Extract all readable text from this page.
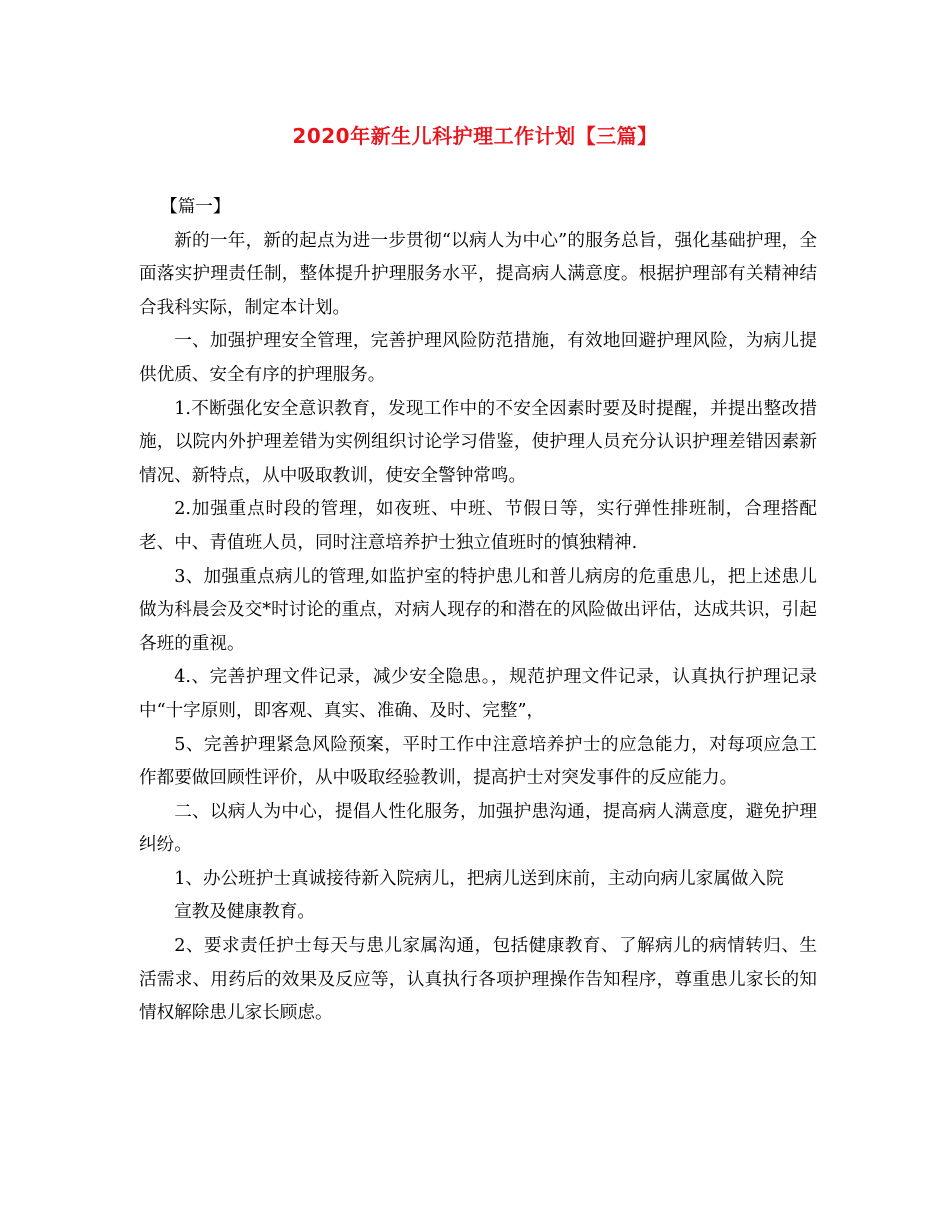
2020年新生儿科护理工作计划【三篇】

【篇一】

新的一年，新的起点为进一步贯彻“以病人为中心”的服务总旨，强化基础护理，全面落实护理责任制，整体提升护理服务水平，提高病人满意度。根据护理部有关精神结合我科实际，制定本计划。

一、加强护理安全管理，完善护理风险防范措施，有效地回避护理风险，为病儿提供优质、安全有序的护理服务。

1.不断强化安全意识教育，发现工作中的不安全因素时要及时提醒，并提出整改措施，以院内外护理差错为实例组织讨论学习借鉴，使护理人员充分认识护理差错因素新情况、新特点，从中吸取教训，使安全警钟常鸣。

2.加强重点时段的管理，如夜班、中班、节假日等，实行弹性排班制，合理搭配老、中、青值班人员，同时注意培养护士独立值班时的慎独精神.

3、加强重点病儿的管理,如监护室的特护患儿和普儿病房的危重患儿，把上述患儿做为科晨会及交*时讨论的重点，对病人现存的和潜在的风险做出评估，达成共识，引起各班的重视。

4.、完善护理文件记录，减少安全隐患。，规范护理文件记录，认真执行护理记录中“十字原则，即客观、真实、准确、及时、完整”，

5、完善护理紧急风险预案，平时工作中注意培养护士的应急能力，对每项应急工作都要做回顾性评价，从中吸取经验教训，提高护士对突发事件的反应能力。

二、以病人为中心，提倡人性化服务，加强护患沟通，提高病人满意度，避免护理纠纷。

1、办公班护士真诚接待新入院病儿，把病儿送到床前，主动向病儿家属做入院

宣教及健康教育。

2、要求责任护士每天与患儿家属沟通，包括健康教育、了解病儿的病情转归、生活需求、用药后的效果及反应等，认真执行各项护理操作告知程序，尊重患儿家长的知情权解除患儿家长顾虑。
